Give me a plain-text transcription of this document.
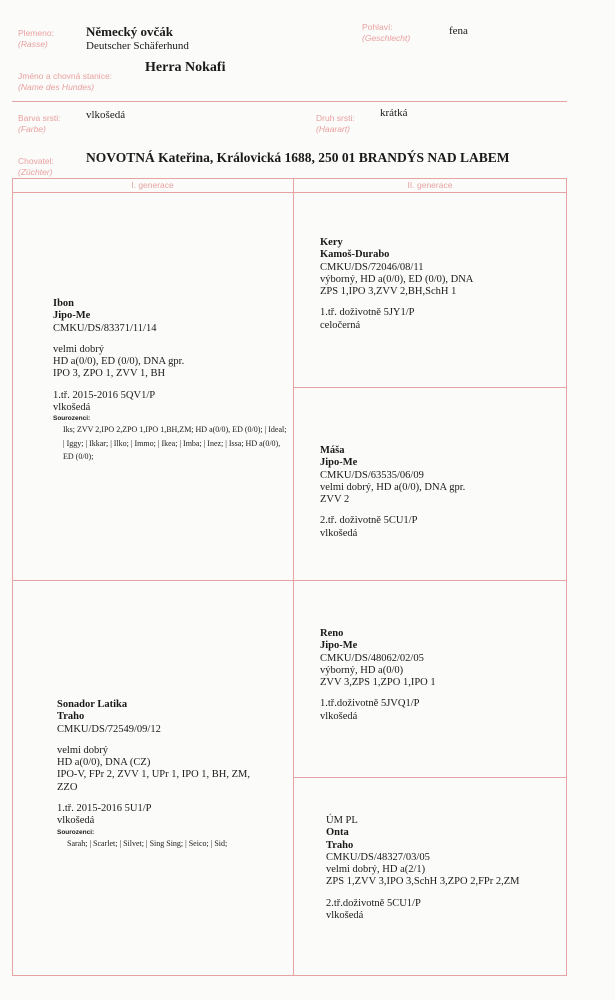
Plemeno:
(Rasse)
Německý ovčák
Deutscher Schäferhund
Pohlaví:
(Geschlecht)
fena
Jméno a chovná stanice:
(Name des Hundes)
Herra Nokafi
Barva srsti:
(Farbe)
vlkošedá	Druh srsti:
(Haarart)
krátká
Chovatel:
(Züchter)
NOVOTNÁ Kateřina, Královická 1688, 250 01 BRANDÝS NAD LABEM
I. generace	II. generace
Ibon
Jipo-Me
CMKU/DS/83371/11/14
velmi dobrý
HD a(0/0), ED (0/0), DNA gpr.
IPO 3, ZPO 1, ZVV 1, BH
1.tř. 2015-2016 5QV1/P
vlkošedá
Sourozenci:
Iks; ZVV 2,IPO 2,ZPO 1,IPO 1,BH,ZM; HD a(0/0), ED (0/0); | Ideal; | Iggy; | Ikkar; | Ilko; | Immo; | Ikea; | Imba; | Inez; | Issa; HD a(0/0), ED (0/0);
Sonador Latika
Traho
CMKU/DS/72549/09/12
velmi dobrý
HD a(0/0), DNA (CZ)
IPO-V, FPr 2, ZVV 1, UPr 1, IPO 1, BH, ZM,
ZZO
1.tř. 2015-2016 5U1/P
vlkošedá
Sourozenci:
Sarah; | Scarlet; | Silvet; | Sing Sing; | Seico; | Sid;
Kery
Kamoš-Durabo
CMKU/DS/72046/08/11
výborný, HD a(0/0), ED (0/0), DNA
ZPS 1,IPO 3,ZVV 2,BH,SchH 1
1.tř. doživotně 5JY1/P
celočerná
Máša
Jipo-Me
CMKU/DS/63535/06/09
velmi dobrý, HD a(0/0), DNA gpr.
ZVV 2
2.tř. doživotně 5CU1/P
vlkošedá
Reno
Jipo-Me
CMKU/DS/48062/02/05
výborný, HD a(0/0)
ZVV 3,ZPS 1,ZPO 1,IPO 1
1.tř.doživotně 5JVQ1/P
vlkošedá
ÚM PL
Onta
Traho
CMKU/DS/48327/03/05
velmi dobrý, HD a(2/1)
ZPS 1,ZVV 3,IPO 3,SchH 3,ZPO 2,FPr 2,ZM
2.tř.doživotně 5CU1/P
vlkošedá
